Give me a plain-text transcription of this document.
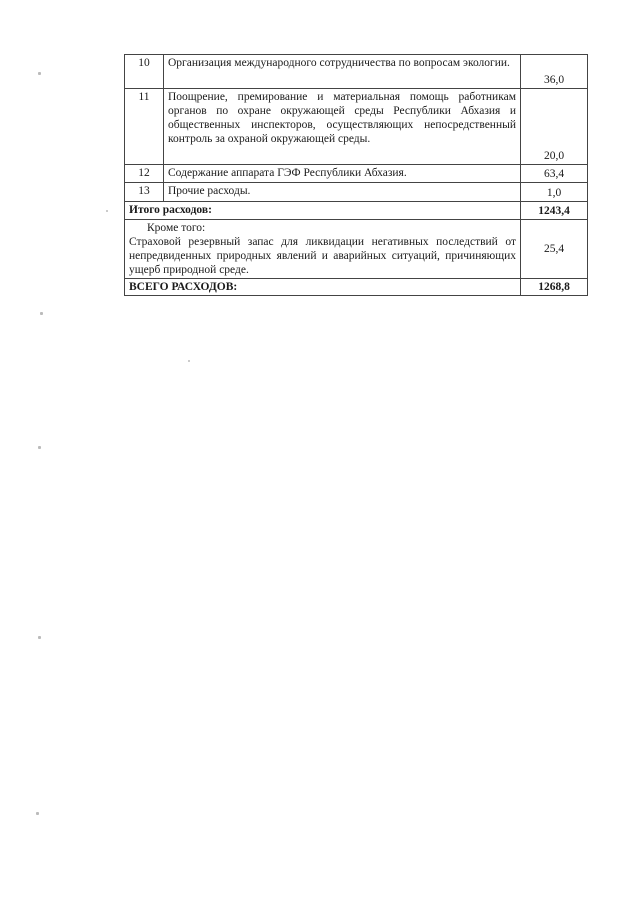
10	Организация международного сотрудничества по вопросам экологии.	36,0
11	Поощрение, премирование и материальная помощь работникам органов по охране окружающей среды Республики Абхазия и общественных инспекторов, осуществляющих непосредственный контроль за охраной окружающей среды.	20,0
12	Содержание аппарата ГЭФ Республики Абхазия.	63,4
13	Прочие расходы.	1,0
Итого расходов:		1243,4

Кроме того:
Страховой резервный запас для ликвидации негативных последствий от непредвиденных природных явлений и аварийных ситуаций, причиняющих ущерб природной среде.		25,4
ВСЕГО РАСХОДОВ:		1268,8
